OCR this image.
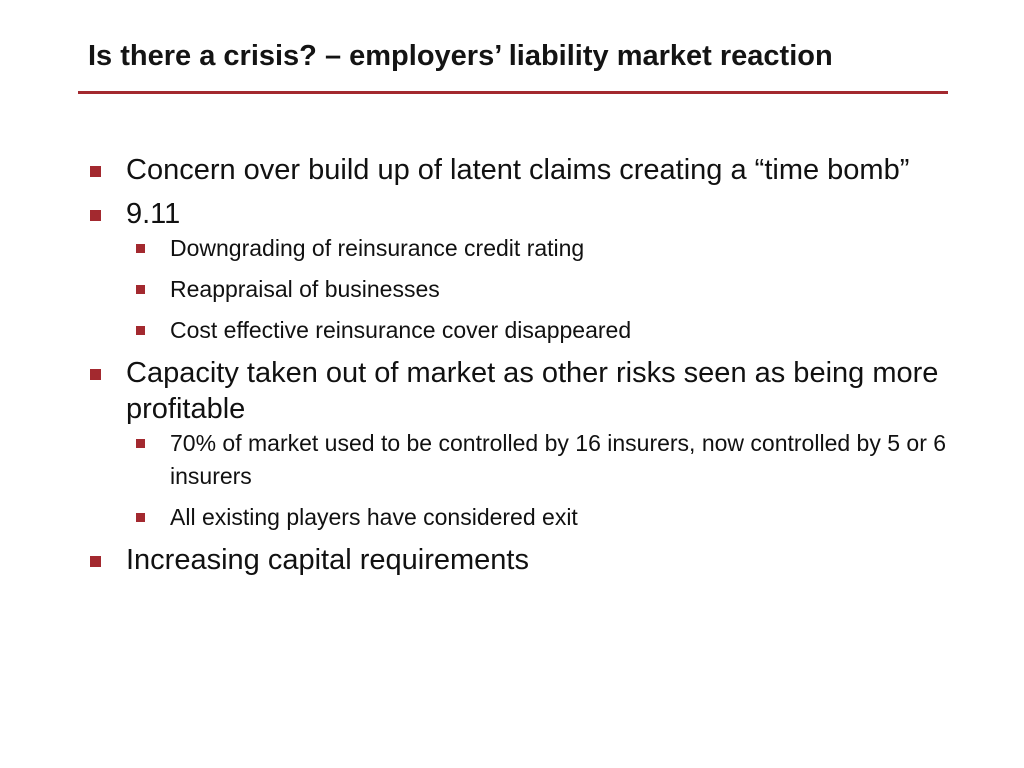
Is there a crisis? – employers’ liability market reaction
Concern over build up of latent claims creating a “time bomb”
9.11
Downgrading of reinsurance credit rating
Reappraisal of businesses
Cost effective reinsurance cover disappeared
Capacity taken out of market as other risks seen as being more profitable
70% of market used to be controlled by 16 insurers, now controlled by 5 or 6 insurers
All existing players have considered exit
Increasing capital requirements
